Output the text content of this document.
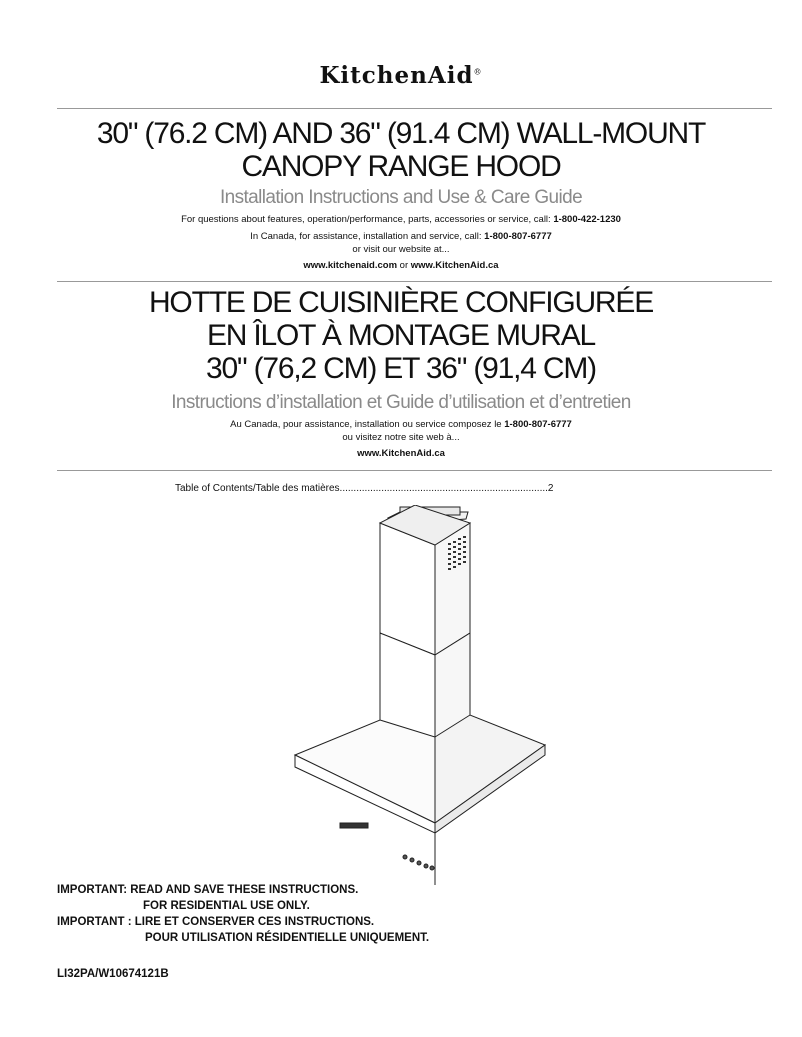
KitchenAid®
30" (76.2 CM) AND 36" (91.4 CM) WALL-MOUNT
CANOPY RANGE HOOD
Installation Instructions and Use & Care Guide
For questions about features, operation/performance, parts, accessories or service, call: 1-800-422-1230
In Canada, for assistance, installation and service, call: 1-800-807-6777
or visit our website at...
www.kitchenaid.com or www.KitchenAid.ca
HOTTE DE CUISINIÈRE CONFIGURÉE
EN ÎLOT À MONTAGE MURAL
30" (76,2 CM) ET 36" (91,4 CM)
Instructions d’installation et Guide d’utilisation et d’entretien
Au Canada, pour assistance, installation ou service composez le 1-800-807-6777
ou visitez notre site web à...
www.KitchenAid.ca
Table of Contents/Table des matières...........................................................................2
IMPORTANT: READ AND SAVE THESE INSTRUCTIONS.
FOR RESIDENTIAL USE ONLY.
IMPORTANT : LIRE ET CONSERVER CES INSTRUCTIONS.
POUR UTILISATION RÉSIDENTIELLE UNIQUEMENT.
LI32PA/W10674121B
